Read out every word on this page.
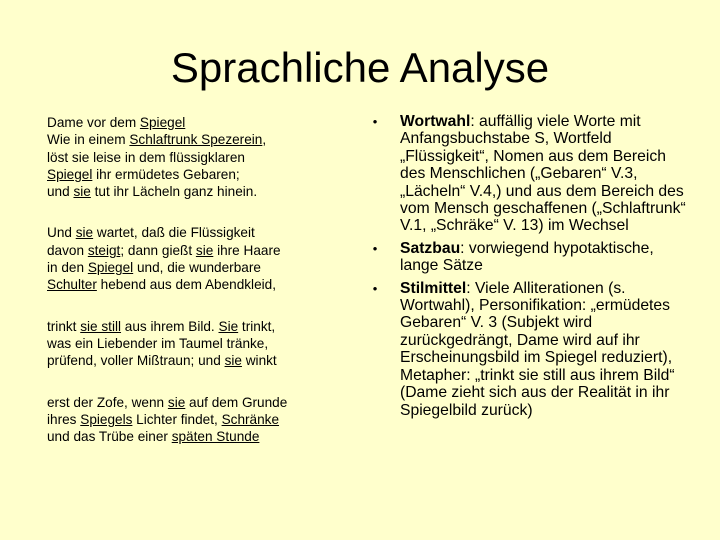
Sprachliche Analyse
Dame vor dem Spiegel
Wie in einem Schlaftrunk Spezerein,
löst sie leise in dem flüssigklaren
Spiegel ihr ermüdetes Gebaren;
und sie tut ihr Lächeln ganz hinein.
Und sie wartet, daß die Flüssigkeit
davon steigt; dann gießt sie ihre Haare
in den Spiegel und, die wunderbare
Schulter hebend aus dem Abendkleid,
trinkt sie still aus ihrem Bild. Sie trinkt,
was ein Liebender im Taumel tränke,
prüfend, voller Mißtraun; und sie winkt
erst der Zofe, wenn sie auf dem Grunde
ihres Spiegels Lichter findet, Schränke
und das Trübe einer späten Stunde
• Wortwahl: auffällig viele Worte mit Anfangsbuchstabe S, Wortfeld „Flüssigkeit“, Nomen aus dem Bereich des Menschlichen („Gebaren“ V.3, „Lächeln“ V.4,) und aus dem Bereich des vom Mensch geschaffenen („Schlaftrunk“ V.1, „Schräke“ V. 13) im Wechsel
• Satzbau: vorwiegend hypotaktische, lange Sätze
• Stilmittel: Viele Alliterationen (s. Wortwahl), Personifikation: „ermüdetes Gebaren“ V. 3 (Subjekt wird zurückgedrängt, Dame wird auf ihr Erscheinungsbild im Spiegel reduziert), Metapher: „trinkt sie still aus ihrem Bild“ (Dame zieht sich aus der Realität in ihr Spiegelbild zurück)
